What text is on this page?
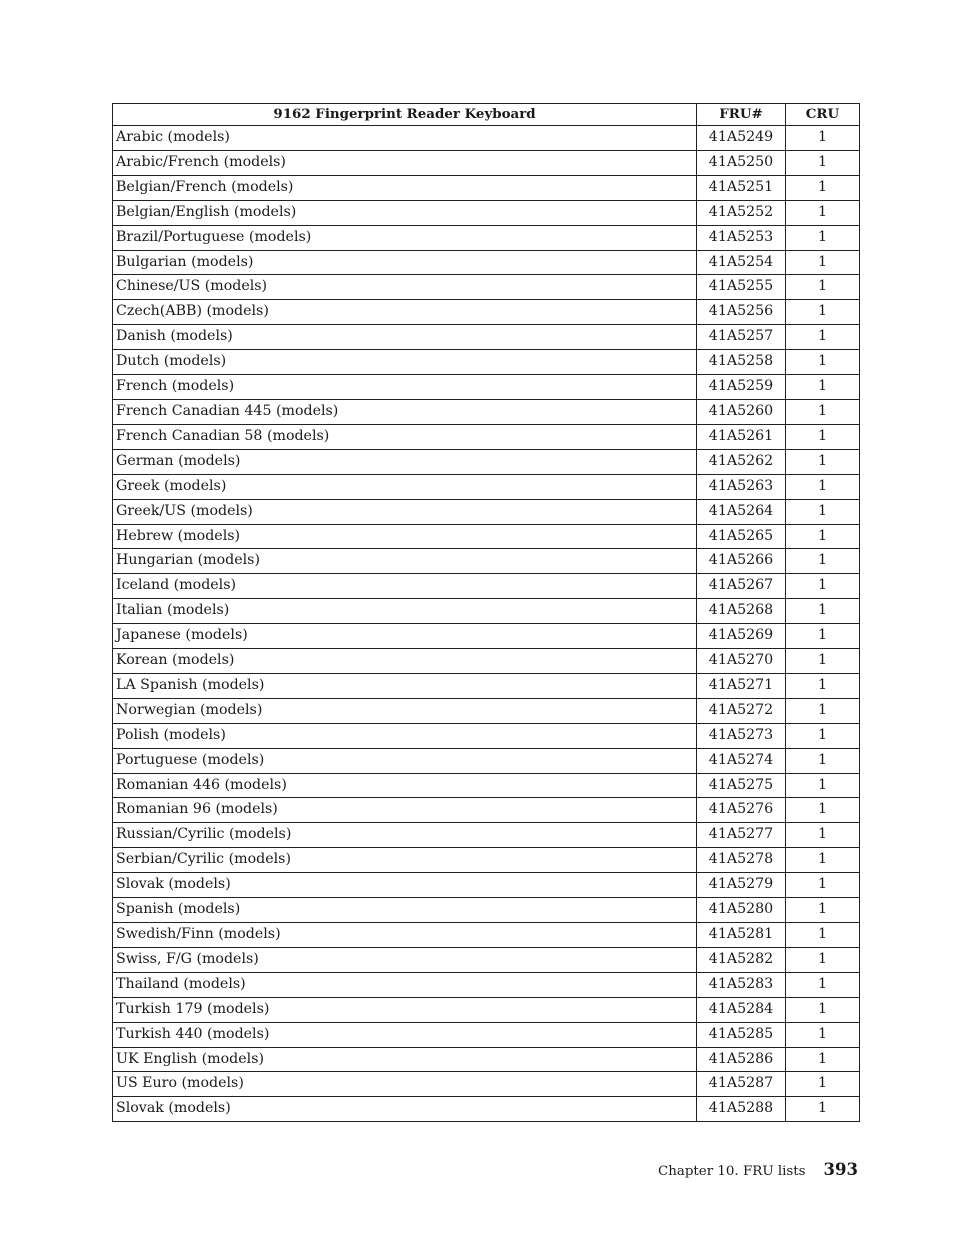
9162 Fingerprint Reader Keyboard	FRU#	CRU
Arabic (models)	41A5249	1
Arabic/French (models)	41A5250	1
Belgian/French (models)	41A5251	1
Belgian/English (models)	41A5252	1
Brazil/Portuguese (models)	41A5253	1
Bulgarian (models)	41A5254	1
Chinese/US (models)	41A5255	1
Czech(ABB) (models)	41A5256	1
Danish (models)	41A5257	1
Dutch (models)	41A5258	1
French (models)	41A5259	1
French Canadian 445 (models)	41A5260	1
French Canadian 58 (models)	41A5261	1
German (models)	41A5262	1
Greek (models)	41A5263	1
Greek/US (models)	41A5264	1
Hebrew (models)	41A5265	1
Hungarian (models)	41A5266	1
Iceland (models)	41A5267	1
Italian (models)	41A5268	1
Japanese (models)	41A5269	1
Korean (models)	41A5270	1
LA Spanish (models)	41A5271	1
Norwegian (models)	41A5272	1
Polish (models)	41A5273	1
Portuguese (models)	41A5274	1
Romanian 446 (models)	41A5275	1
Romanian 96 (models)	41A5276	1
Russian/Cyrilic (models)	41A5277	1
Serbian/Cyrilic (models)	41A5278	1
Slovak (models)	41A5279	1
Spanish (models)	41A5280	1
Swedish/Finn (models)	41A5281	1
Swiss, F/G (models)	41A5282	1
Thailand (models)	41A5283	1
Turkish 179 (models)	41A5284	1
Turkish 440 (models)	41A5285	1
UK English (models)	41A5286	1
US Euro (models)	41A5287	1
Slovak (models)	41A5288	1
Chapter 10. FRU lists 393
